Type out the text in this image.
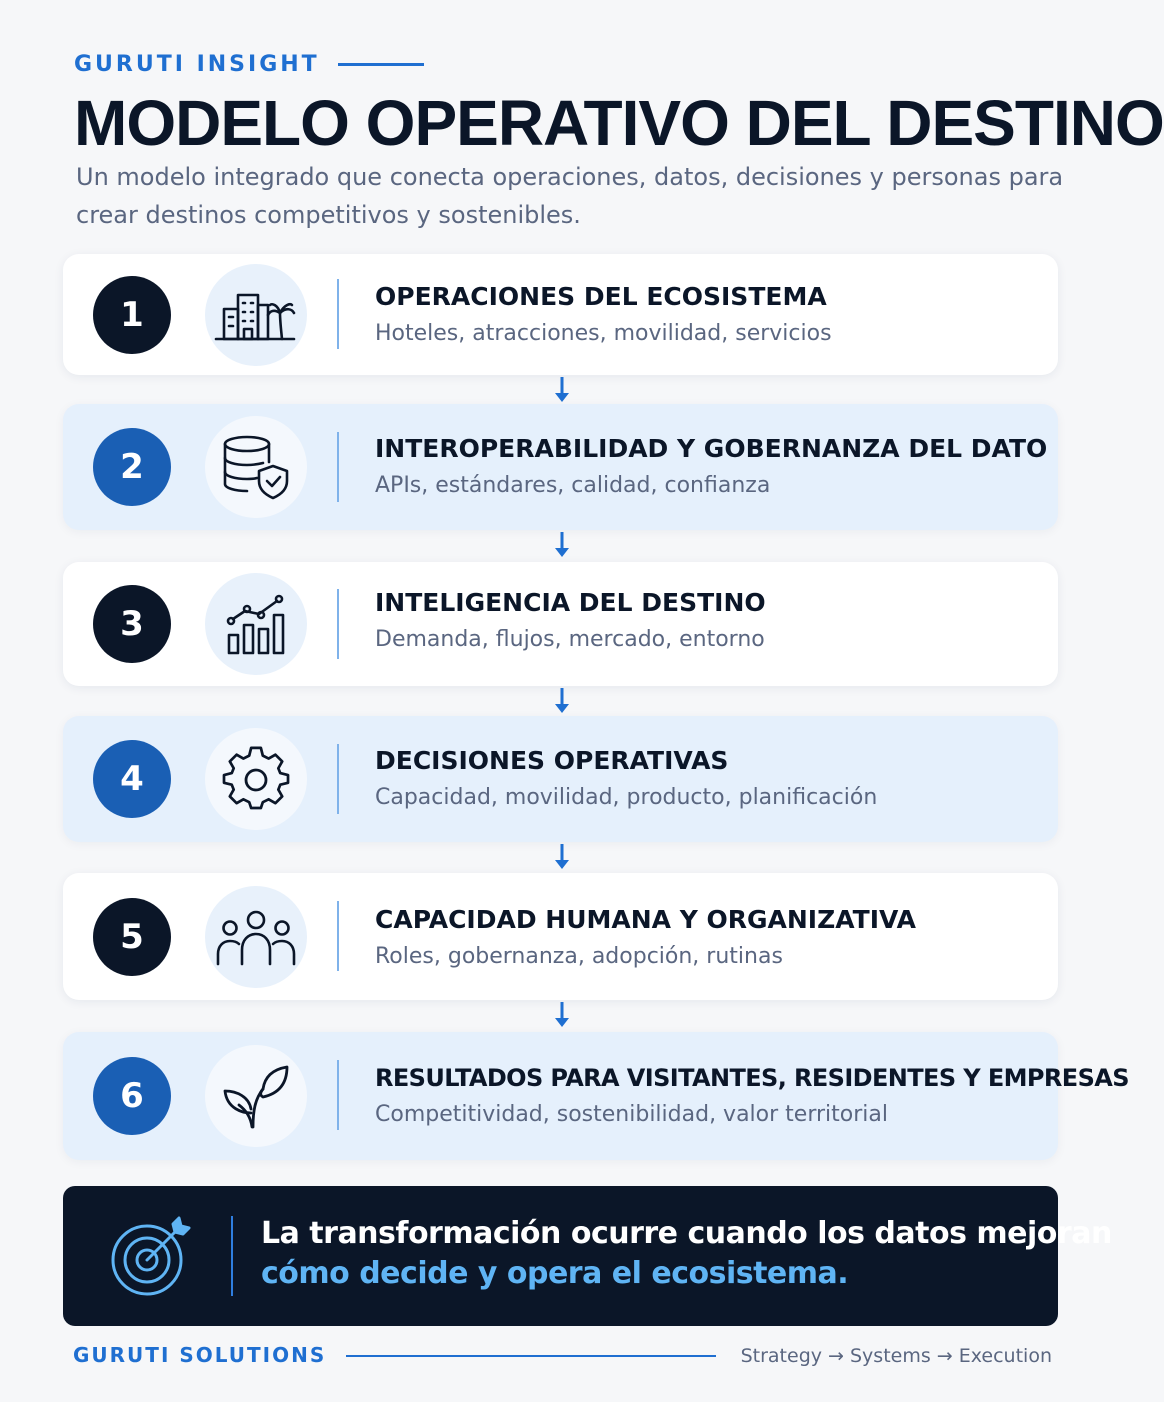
GURUTI INSIGHT
MODELO OPERATIVO DEL DESTINO
Un modelo integrado que conecta operaciones, datos, decisiones y personas para crear destinos competitivos y sostenibles.
1	OPERACIONES DEL ECOSISTEMA
Hoteles, atracciones, movilidad, servicios
2	INTEROPERABILIDAD Y GOBERNANZA DEL DATO
APIs, estándares, calidad, confianza
3
INTELIGENCIA DEL DESTINO
Demanda, flujos, mercado, entorno
4	DECISIONES OPERATIVAS
Capacidad, movilidad, producto, planificación
5	CAPACIDAD HUMANA Y ORGANIZATIVA
Roles, gobernanza, adopción, rutinas
6	RESULTADOS PARA VISITANTES, RESIDENTES Y EMPRESAS
Competitividad, sostenibilidad, valor territorial
La transformación ocurre cuando los datos mejoran
cómo decide y opera el ecosistema.
GURUTI SOLUTIONS	Strategy → Systems → Execution
